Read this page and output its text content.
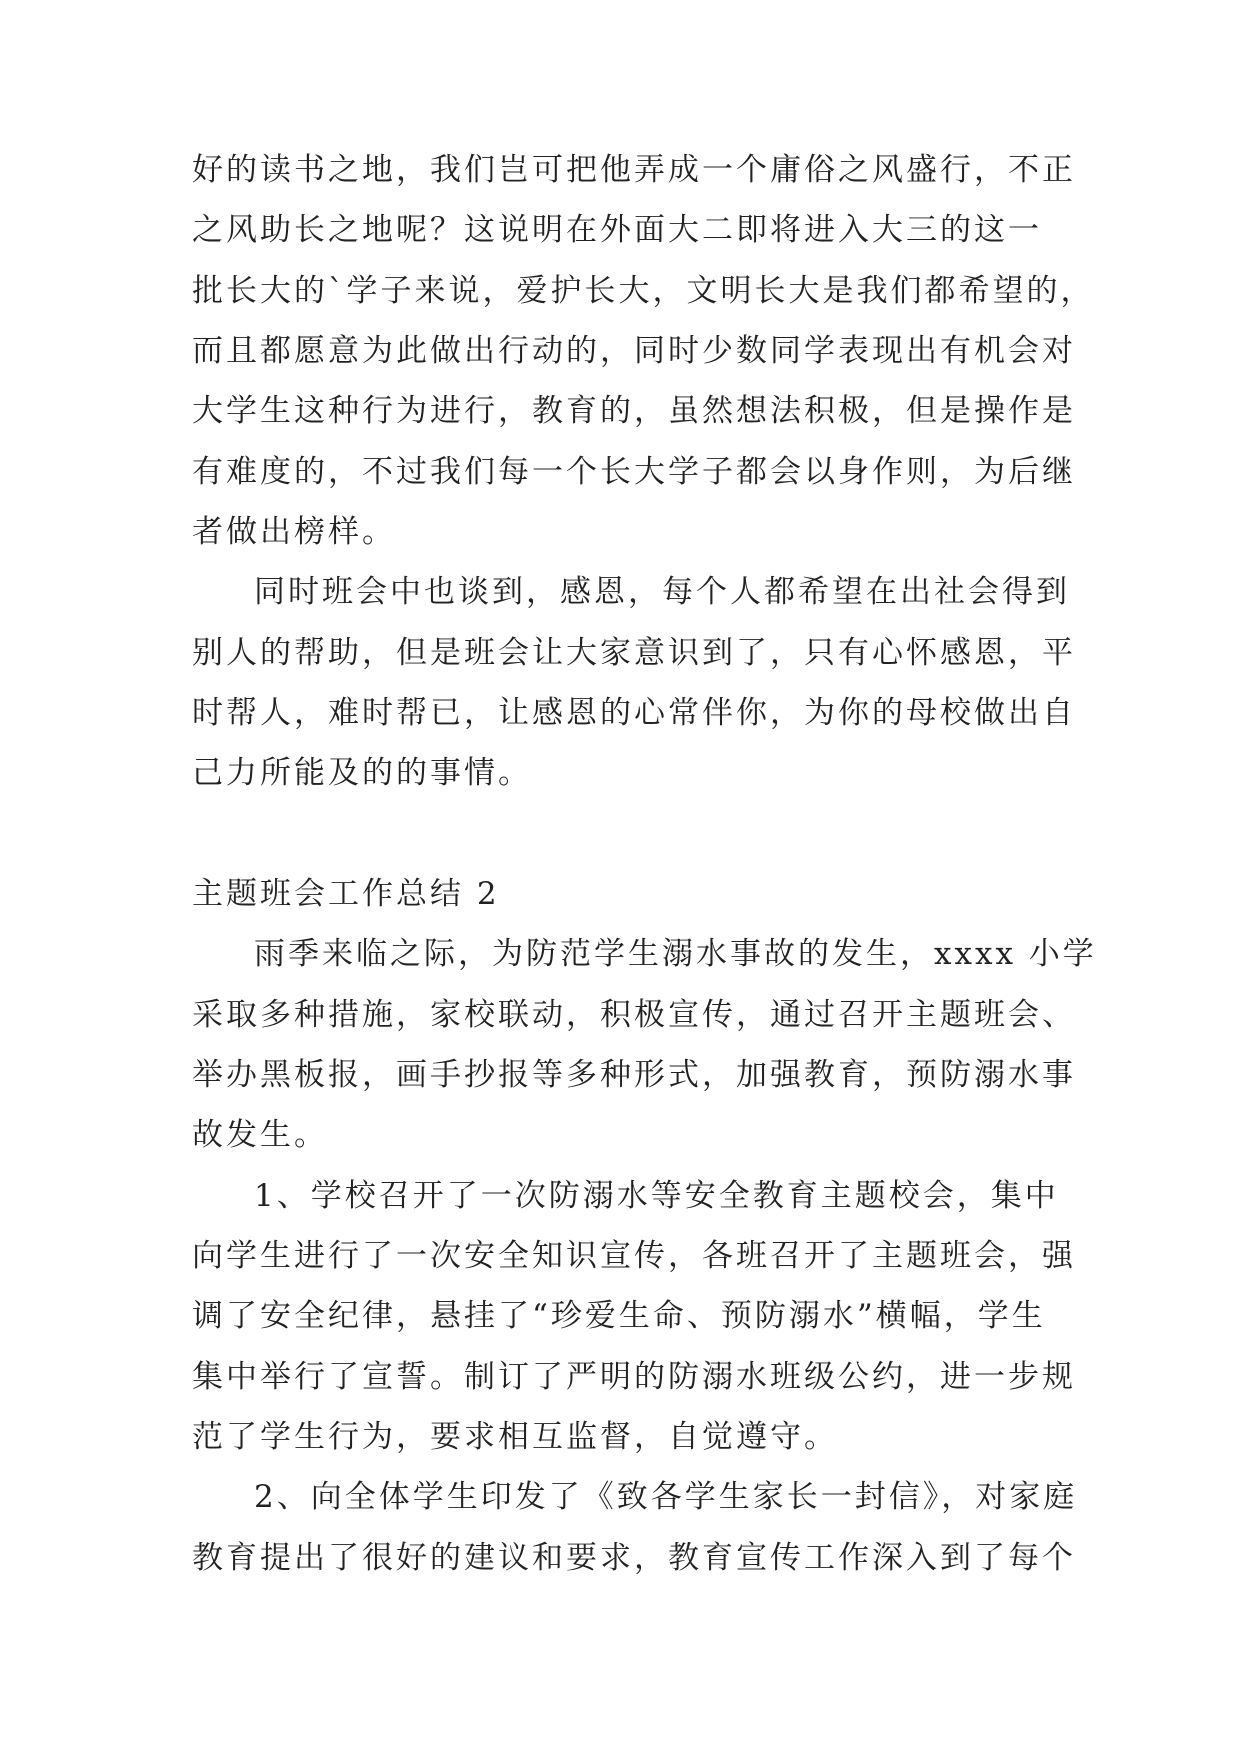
好的读书之地，我们岂可把他弄成一个庸俗之风盛行，不正
之风助长之地呢？这说明在外面大二即将进入大三的这一
批长大的`学子来说，爱护长大，文明长大是我们都希望的，
而且都愿意为此做出行动的，同时少数同学表现出有机会对
大学生这种行为进行，教育的，虽然想法积极，但是操作是
有难度的，不过我们每一个长大学子都会以身作则，为后继
者做出榜样。
同时班会中也谈到，感恩，每个人都希望在出社会得到
别人的帮助，但是班会让大家意识到了，只有心怀感恩，平
时帮人，难时帮已，让感恩的心常伴你，为你的母校做出自
己力所能及的的事情。
主题班会工作总结 2
雨季来临之际，为防范学生溺水事故的发生，xxxx 小学
采取多种措施，家校联动，积极宣传，通过召开主题班会、
举办黑板报，画手抄报等多种形式，加强教育，预防溺水事
故发生。
1、学校召开了一次防溺水等安全教育主题校会，集中
向学生进行了一次安全知识宣传，各班召开了主题班会，强
调了安全纪律，悬挂了“珍爱生命、预防溺水”横幅，学生
集中举行了宣誓。制订了严明的防溺水班级公约，进一步规
范了学生行为，要求相互监督，自觉遵守。
2、向全体学生印发了《致各学生家长一封信》，对家庭
教育提出了很好的建议和要求，教育宣传工作深入到了每个
